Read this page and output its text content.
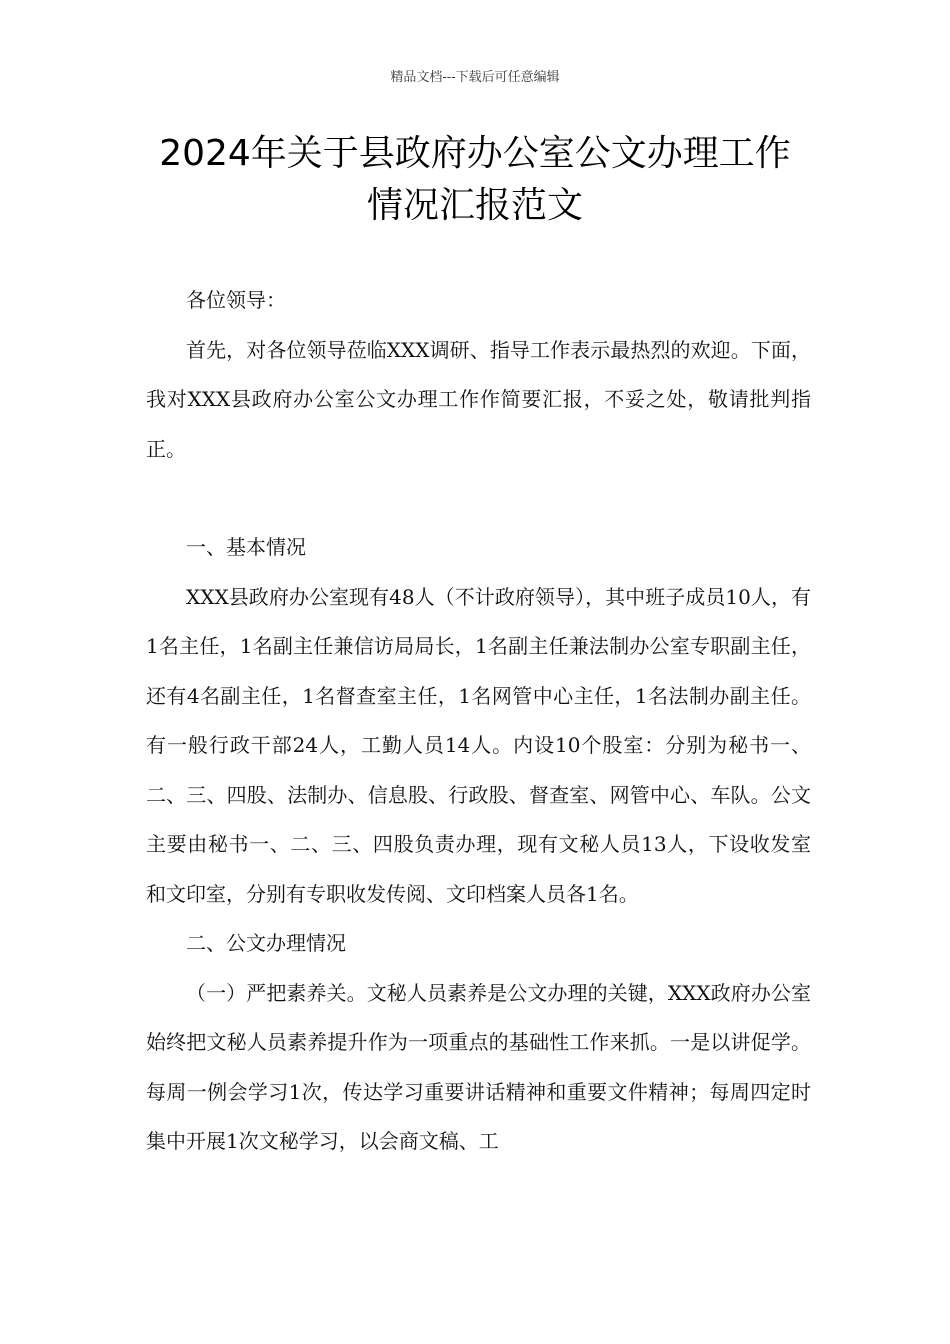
精品文档---下载后可任意编辑
2024年关于县政府办公室公文办理工作
情况汇报范文

各位领导：

首先，对各位领导莅临XXX调研、指导工作表示最热烈的欢迎。下面，我对XXX县政府办公室公文办理工作作简要汇报，不妥之处，敬请批判指正。

一、基本情况

XXX县政府办公室现有48人（不计政府领导），其中班子成员10人，有1名主任，1名副主任兼信访局局长，1名副主任兼法制办公室专职副主任，还有4名副主任，1名督查室主任，1名网管中心主任，1名法制办副主任。有一般行政干部24人，工勤人员14人。内设10个股室：分别为秘书一、二、三、四股、法制办、信息股、行政股、督查室、网管中心、车队。公文主要由秘书一、二、三、四股负责办理，现有文秘人员13人，下设收发室和文印室，分别有专职收发传阅、文印档案人员各1名。

二、公文办理情况

（一）严把素养关。文秘人员素养是公文办理的关键，XXX政府办公室始终把文秘人员素养提升作为一项重点的基础性工作来抓。一是以讲促学。每周一例会学习1次，传达学习重要讲话精神和重要文件精神；每周四定时集中开展1次文秘学习，以会商文稿、工
